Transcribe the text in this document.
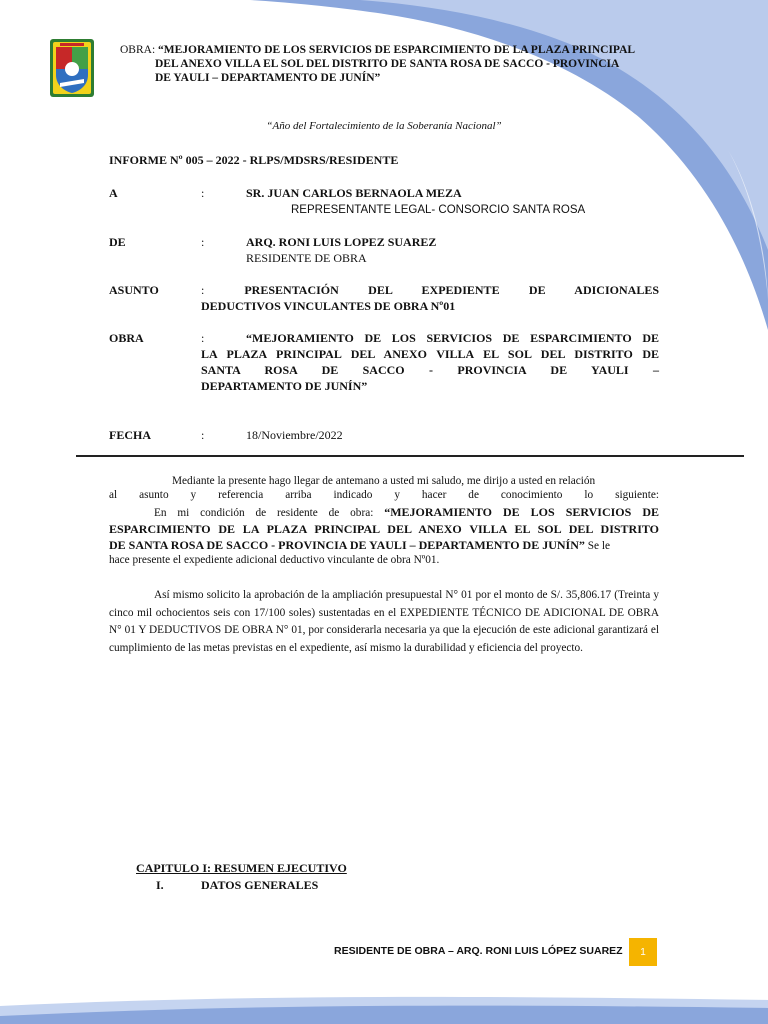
OBRA: “MEJORAMIENTO DE LOS SERVICIOS DE ESPARCIMIENTO DE LA PLAZA PRINCIPAL
DEL ANEXO VILLA EL SOL DEL DISTRITO DE SANTA ROSA DE SACCO - PROVINCIA
DE YAULI – DEPARTAMENTO DE JUNÍN”
“Año del Fortalecimiento de la Soberanía Nacional”
INFORME Nº 005 – 2022 - RLPS/MDSRS/RESIDENTE
A	:	SR. JUAN CARLOS BERNAOLA MEZA
REPRESENTANTE LEGAL- CONSORCIO SANTA ROSA
DE	:	ARQ. RONI LUIS LOPEZ SUAREZ
RESIDENTE DE OBRA
ASUNTO	:	PRESENTACIÓN DEL EXPEDIENTE DE ADICIONALES
DEDUCTIVOS VINCULANTES DE OBRA Nº01
OBRA	:	“MEJORAMIENTO DE LOS SERVICIOS DE ESPARCIMIENTO DE
LA PLAZA PRINCIPAL DEL ANEXO VILLA EL SOL DEL DISTRITO DE
SANTA ROSA DE SACCO - PROVINCIA DE YAULI –
DEPARTAMENTO DE JUNÍN”
FECHA	:	18/Noviembre/2022
Mediante la presente hago llegar de antemano a usted mi saludo, me dirijo a usted en relación
al asunto y referencia arriba indicado y hacer de conocimiento lo siguiente:
En mi condición de residente de obra: “MEJORAMIENTO DE LOS SERVICIOS DE
ESPARCIMIENTO DE LA PLAZA PRINCIPAL DEL ANEXO VILLA EL SOL DEL DISTRITO
DE SANTA ROSA DE SACCO - PROVINCIA DE YAULI – DEPARTAMENTO DE JUNÍN” Se le
hace presente el expediente adicional deductivo vinculante de obra Nº01.
Así mismo solicito la aprobación de la ampliación presupuestal N° 01 por el monto de S/. 35,806.17 (Treinta y cinco mil ochocientos seis con 17/100 soles) sustentadas en el EXPEDIENTE TÉCNICO DE ADICIONAL DE OBRA N° 01 Y DEDUCTIVOS DE OBRA N° 01, por considerarla necesaria ya que la ejecución de este adicional garantizará el cumplimiento de las metas previstas en el expediente, así mismo la durabilidad y eficiencia del proyecto.
CAPITULO I: RESUMEN EJECUTIVO
I.	DATOS GENERALES
RESIDENTE DE OBRA – ARQ. RONI LUIS LÓPEZ SUAREZ	1
